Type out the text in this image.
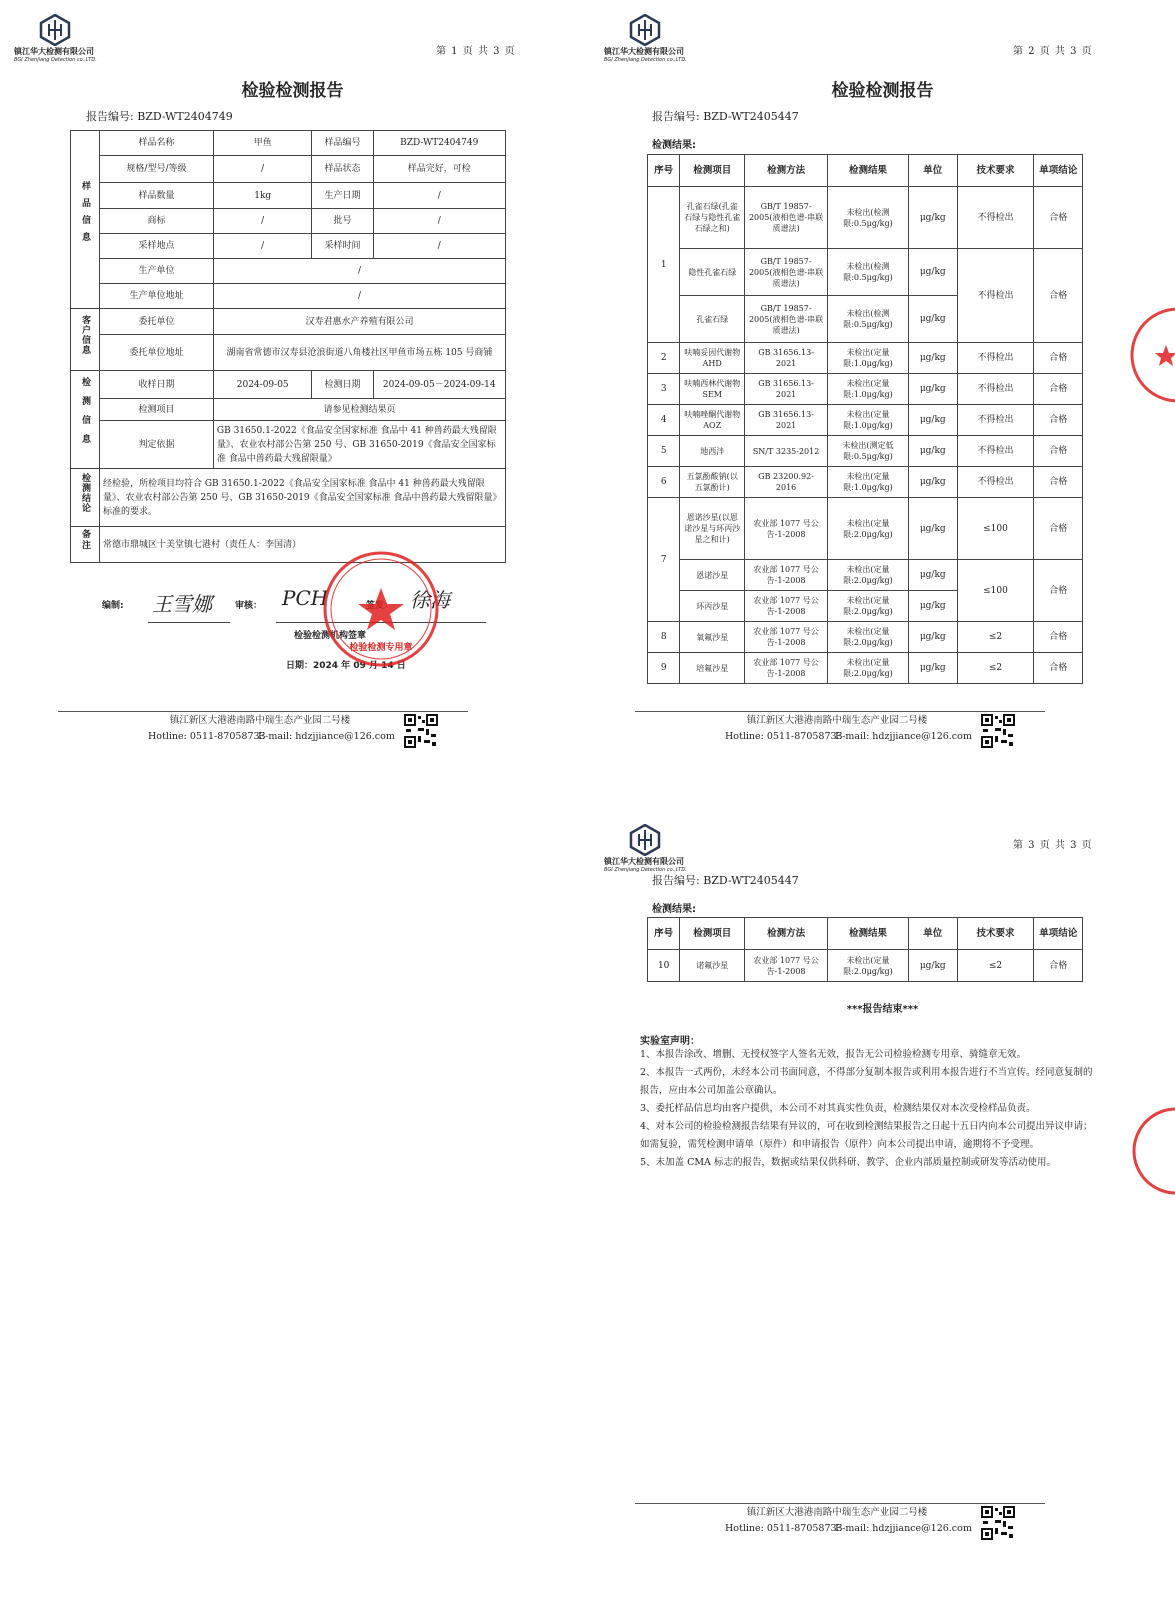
镇江华大检测有限公司
BGI Zhenjiang Detection co.,LTD.
第 1 页 共 3 页
检验检测报告
报告编号: BZD-WT2404749
样品信息	样品名称	甲鱼	样品编号	BZD-WT2404749
	规格/型号/等级	/	样品状态	样品完好，可检
	样品数量	1kg	生产日期	/
	商标	/	批号	/
	采样地点	/	采样时间	/
	生产单位	/		
	生产单位地址	/		
客户信息	委托单位	汉寿君惠水产养殖有限公司		
	委托单位地址	湖南省常德市汉寿县沧浪街道八角楼社区甲鱼市场五栋 105 号商铺		
检测信息	收样日期	2024-09-05	检测日期	2024-09-05－2024-09-14
	检测项目	请参见检测结果页		
	判定依据	GB 31650.1-2022《食品安全国家标准 食品中 41 种兽药最大残留限量》、农业农村部公告第 250 号、GB 31650-2019《食品安全国家标准 食品中兽药最大残留限量》		
检测结论	经检验，所检项目均符合 GB 31650.1-2022《食品安全国家标准 食品中 41 种兽药最大残留限量》、农业农村部公告第 250 号、GB 31650-2019《食品安全国家标准 食品中兽药最大残留限量》 标准的要求。			
备注	常德市鼎城区十美堂镇七港村（责任人：李国清）			
编制: 王雪娜	审核： PCH	徐海
检验检测机构签章
日期：2024 年 09 月 14 日
检验检测专用章
镇江新区大港港南路中瑞生态产业园二号楼
Hotline: 0511-87058733
E-mail: hdzjjiance@126.com
镇江华大检测有限公司
BGI Zhenjiang Detection co.,LTD.
第 2 页 共 3 页
检验检测报告
报告编号: BZD-WT2405447
检测结果:
序号	检测项目	检测方法	检测结果	单位	技术要求	单项结论
1	孔雀石绿(孔雀石绿与隐性孔雀石绿之和)	GB/T 19857-2005(液相色谱-串联质谱法)	未检出(检测限:0.5μg/kg)	μg/kg	不得检出	合格
	隐性孔雀石绿	GB/T 19857-2005(液相色谱-串联质谱法)	未检出(检测限:0.5μg/kg)	μg/kg	不得检出	合格
	孔雀石绿	GB/T 19857-2005(液相色谱-串联质谱法)	未检出(检测限:0.5μg/kg)	μg/kg		
2	呋喃妥因代谢物 AHD	GB 31656.13-2021	未检出(定量限:1.0μg/kg)	μg/kg	不得检出	合格
3	呋喃西林代谢物 SEM	GB 31656.13-2021	未检出(定量限:1.0μg/kg)	μg/kg	不得检出	合格
4	呋喃唑酮代谢物 AOZ	GB 31656.13-2021	未检出(定量限:1.0μg/kg)	μg/kg	不得检出	合格
5	地西泮	SN/T 3235-2012	未检出(测定低限:0.5μg/kg)	μg/kg	不得检出	合格
6	五氯酚酸钠(以五氯酚计)	GB 23200.92-2016	未检出(定量限:1.0μg/kg)	μg/kg	不得检出	合格
7	恩诺沙星(以恩诺沙星与环丙沙星之和计)	农业部 1077 号公告-1-2008	未检出(定量限:2.0μg/kg)	μg/kg	≤100	合格
	恩诺沙星	农业部 1077 号公告-1-2008	未检出(定量限:2.0μg/kg)	μg/kg	≤100	合格
	环丙沙星	农业部 1077 号公告-1-2008	未检出(定量限:2.0μg/kg)	μg/kg		
8	氧氟沙星	农业部 1077 号公告-1-2008	未检出(定量限:2.0μg/kg)	μg/kg	≤2	合格
9	培氟沙星	农业部 1077 号公告-1-2008	未检出(定量限:2.0μg/kg)	μg/kg	≤2	合格
镇江新区大港港南路中瑞生态产业园二号楼
Hotline: 0511-87058733
E-mail: hdzjjiance@126.com
镇江华大检测有限公司
BGI Zhenjiang Detection co.,LTD.
第 3 页 共 3 页
报告编号: BZD-WT2405447
检测结果:
序号	检测项目	检测方法	检测结果	单位	技术要求	单项结论
10	诺氟沙星	农业部 1077 号公告-1-2008	未检出(定量限:2.0μg/kg)	μg/kg	≤2	合格
***报告结束***
实验室声明：

1、本报告涂改、增删、无授权签字人签名无效，报告无公司检验检测专用章、骑缝章无效。

2、本报告一式两份，未经本公司书面同意，不得部分复制本报告或利用本报告进行不当宣传。经同意复制的报告，应由本公司加盖公章确认。

3、委托样品信息均由客户提供，本公司不对其真实性负责，检测结果仅对本次受检样品负责。

4、对本公司的检验检测报告结果有异议的，可在收到检测结果报告之日起十五日内向本公司提出异议申请；如需复验，需凭检测申请单（原件）和申请报告（原件）向本公司提出申请，逾期将不予受理。

5、未加盖 CMA 标志的报告，数据或结果仅供科研、教学、企业内部质量控制或研发等活动使用。

镇江新区大港港南路中瑞生态产业园二号楼
Hotline: 0511-87058733
E-mail: hdzjjiance@126.com
